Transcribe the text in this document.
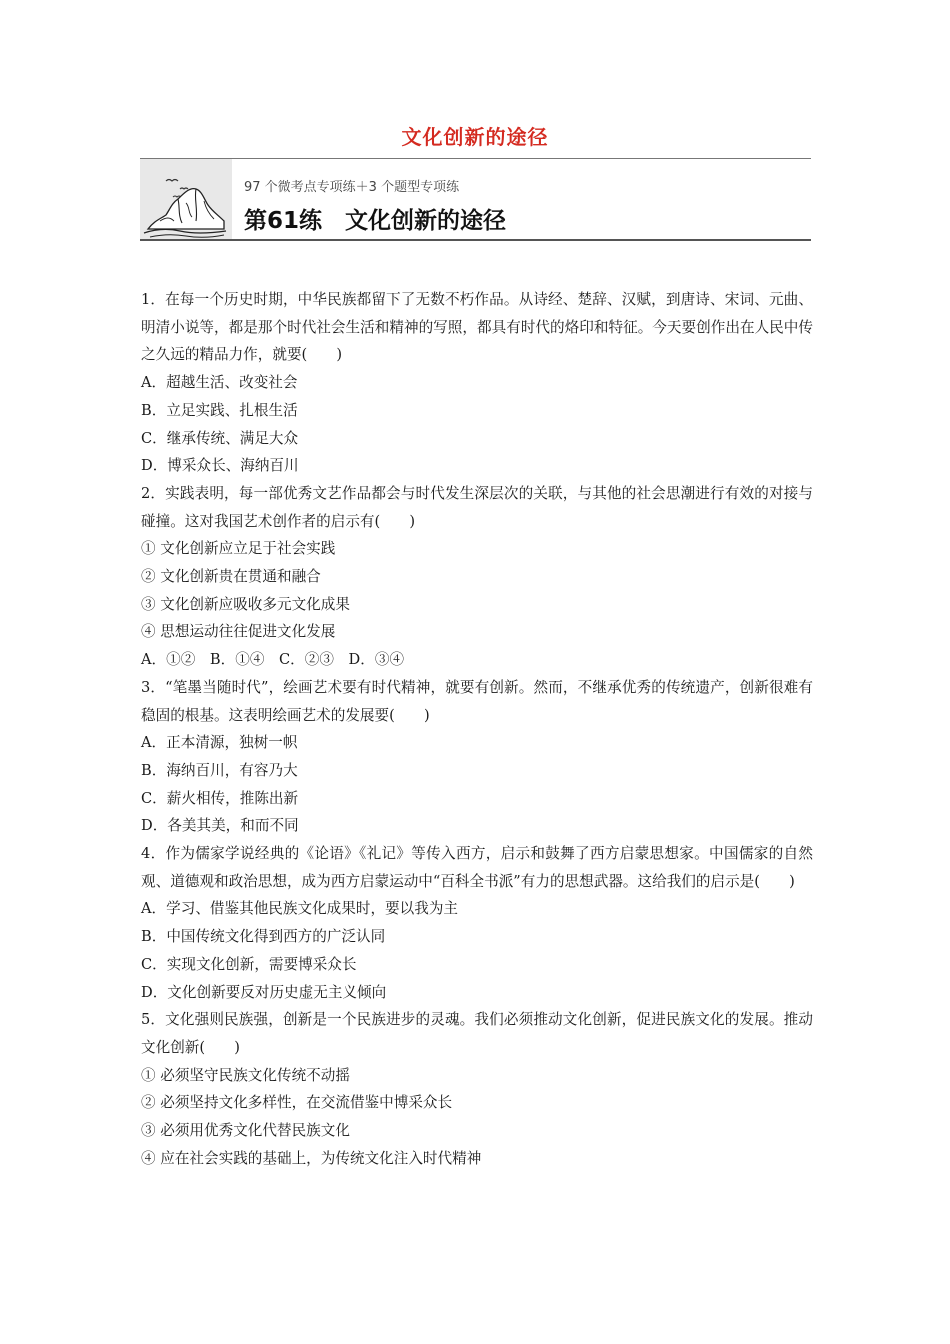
文化创新的途径
97 个微考点专项练＋3 个题型专项练
第61练　文化创新的途径

1．在每一个历史时期，中华民族都留下了无数不朽作品。从诗经、楚辞、汉赋，到唐诗、宋词、元曲、明清小说等，都是那个时代社会生活和精神的写照，都具有时代的烙印和特征。今天要创作出在人民中传之久远的精品力作，就要(　　)

A．超越生活、改变社会

B．立足实践、扎根生活

C．继承传统、满足大众

D．博采众长、海纳百川

2．实践表明，每一部优秀文艺作品都会与时代发生深层次的关联，与其他的社会思潮进行有效的对接与碰撞。这对我国艺术创作者的启示有(　　)

① 文化创新应立足于社会实践

② 文化创新贵在贯通和融合

③ 文化创新应吸收多元文化成果

④ 思想运动往往促进文化发展

A．①②　B．①④　C．②③　D．③④

3．“笔墨当随时代”，绘画艺术要有时代精神，就要有创新。然而，不继承优秀的传统遗产，创新很难有稳固的根基。这表明绘画艺术的发展要(　　)

A．正本清源，独树一帜

B．海纳百川，有容乃大

C．薪火相传，推陈出新

D．各美其美，和而不同

4．作为儒家学说经典的《论语》《礼记》等传入西方，启示和鼓舞了西方启蒙思想家。中国儒家的自然观、道德观和政治思想，成为西方启蒙运动中“百科全书派”有力的思想武器。这给我们的启示是(　　)

A．学习、借鉴其他民族文化成果时，要以我为主

B．中国传统文化得到西方的广泛认同

C．实现文化创新，需要博采众长

D．文化创新要反对历史虚无主义倾向

5．文化强则民族强，创新是一个民族进步的灵魂。我们必须推动文化创新，促进民族文化的发展。推动文化创新(　　)

① 必须坚守民族文化传统不动摇

② 必须坚持文化多样性，在交流借鉴中博采众长

③ 必须用优秀文化代替民族文化

④ 应在社会实践的基础上，为传统文化注入时代精神
